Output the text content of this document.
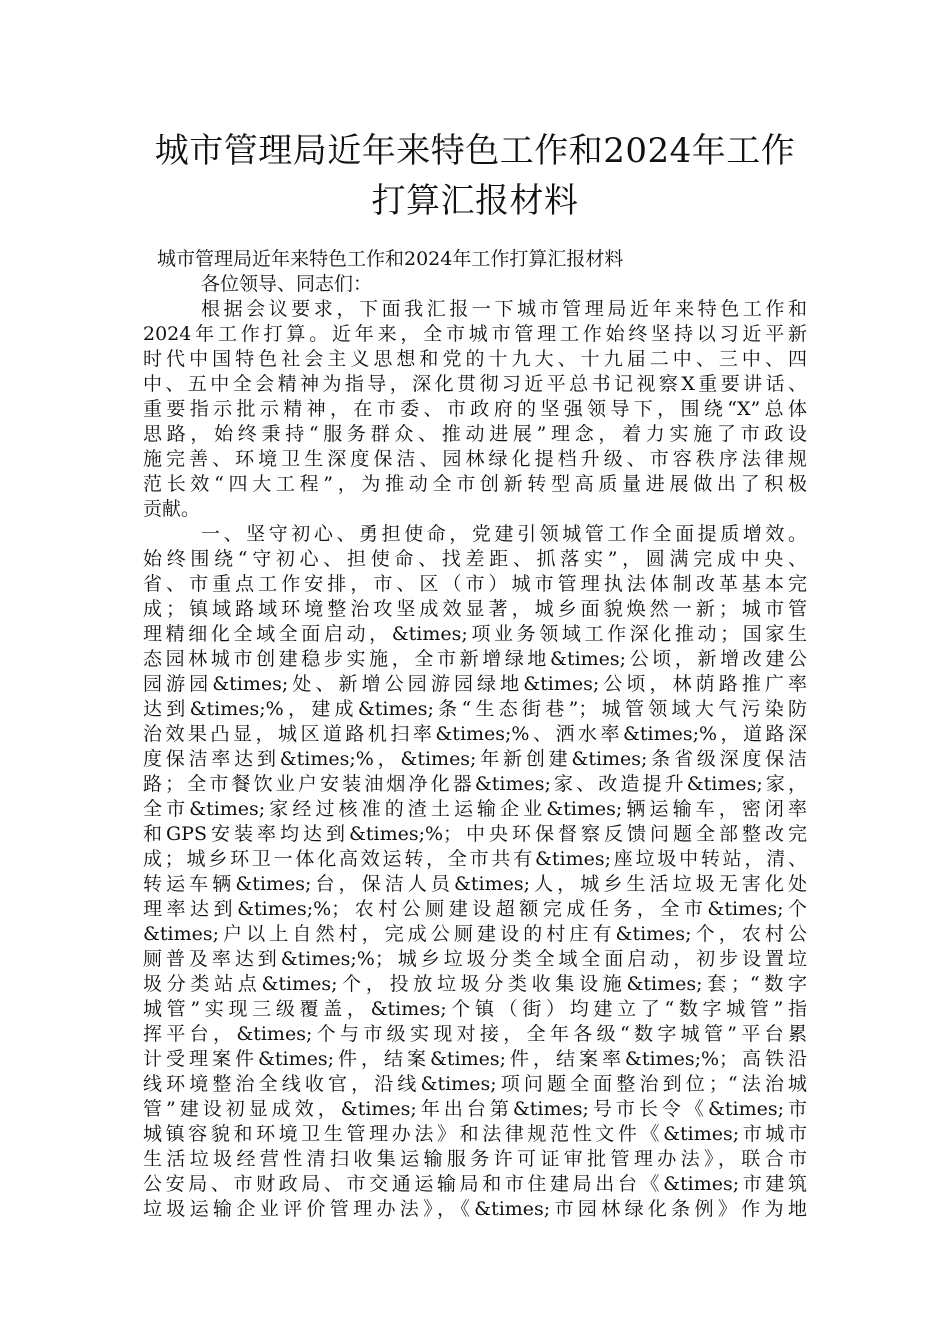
城市管理局近年来特色工作和2024年工作
打算汇报材料
城市管理局近年来特色工作和2024年工作打算汇报材料
各位领导、同志们：
根据会议要求，下面我汇报一下城市管理局近年来特色工作和
2024年工作打算。近年来，全市城市管理工作始终坚持以习近平新
时代中国特色社会主义思想和党的十九大、十九届二中、三中、四
中、五中全会精神为指导，深化贯彻习近平总书记视察X重要讲话、
重要指示批示精神，在市委、市政府的坚强领导下，围绕“X”总体
思路，始终秉持“服务群众、推动进展”理念，着力实施了市政设
施完善、环境卫生深度保洁、园林绿化提档升级、市容秩序法律规
范长效“四大工程”，为推动全市创新转型高质量进展做出了积极
贡献。
一、坚守初心、勇担使命，党建引领城管工作全面提质增效。
始终围绕“守初心、担使命、找差距、抓落实”，圆满完成中央、
省、市重点工作安排，市、区（市）城市管理执法体制改革基本完
成；镇域路域环境整治攻坚成效显著，城乡面貌焕然一新；城市管
理精细化全域全面启动，&times;项业务领域工作深化推动；国家生
态园林城市创建稳步实施，全市新增绿地&times;公顷，新增改建公
园游园&times;处、新增公园游园绿地&times;公顷，林荫路推广率
达到&times;%，建成&times;条“生态街巷”；城管领域大气污染防
治效果凸显，城区道路机扫率&times;%、洒水率&times;%，道路深
度保洁率达到&times;%，&times;年新创建&times;条省级深度保洁
路；全市餐饮业户安装油烟净化器&times;家、改造提升&times;家，
全市&times;家经过核准的渣土运输企业&times;辆运输车，密闭率
和GPS安装率均达到&times;%；中央环保督察反馈问题全部整改完
成；城乡环卫一体化高效运转，全市共有&times;座垃圾中转站，清、
转运车辆&times;台，保洁人员&times;人，城乡生活垃圾无害化处
理率达到&times;%；农村公厕建设超额完成任务，全市&times;个
&times;户以上自然村，完成公厕建设的村庄有&times;个，农村公
厕普及率达到&times;%；城乡垃圾分类全域全面启动，初步设置垃
圾分类站点&times;个，投放垃圾分类收集设施&times;套；“数字
城管”实现三级覆盖，&times;个镇（街）均建立了“数字城管”指
挥平台，&times;个与市级实现对接，全年各级“数字城管”平台累
计受理案件&times;件，结案&times;件，结案率&times;%；高铁沿
线环境整治全线收官，沿线&times;项问题全面整治到位；“法治城
管”建设初显成效，&times;年出台第&times;号市长令《&times;市
城镇容貌和环境卫生管理办法》和法律规范性文件《&times;市城市
生活垃圾经营性清扫收集运输服务许可证审批管理办法》，联合市
公安局、市财政局、市交通运输局和市住建局出台《&times;市建筑
垃圾运输企业评价管理办法》，《&times;市园林绿化条例》作为地
